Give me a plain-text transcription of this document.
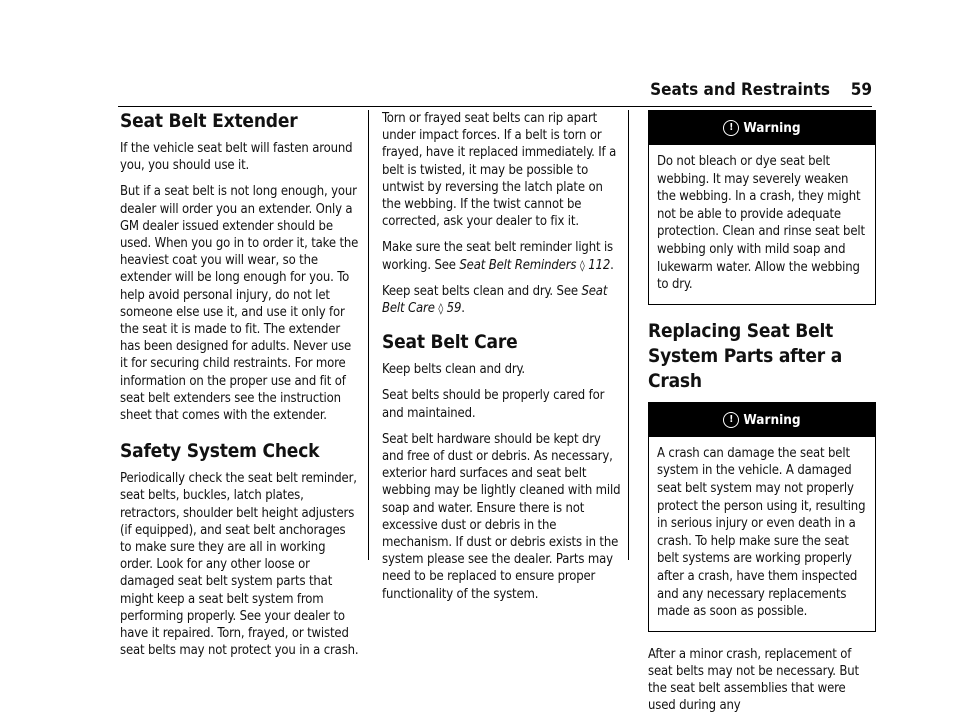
Seats and Restraints 59
Seat Belt Extender

If the vehicle seat belt will fasten around you, you should use it.

But if a seat belt is not long enough, your dealer will order you an extender. Only a GM dealer issued extender should be used. When you go in to order it, take the heaviest coat you will wear, so the extender will be long enough for you. To help avoid personal injury, do not let someone else use it, and use it only for the seat it is made to fit. The extender has been designed for adults. Never use it for securing child restraints. For more information on the proper use and fit of seat belt extenders see the instruction sheet that comes with the extender.

Safety System Check

Periodically check the seat belt reminder, seat belts, buckles, latch plates, retractors, shoulder belt height adjusters (if equipped), and seat belt anchorages to make sure they are all in working order. Look for any other loose or damaged seat belt system parts that might keep a seat belt system from performing properly. See your dealer to have it repaired. Torn, frayed, or twisted seat belts may not protect you in a crash.

Torn or frayed seat belts can rip apart under impact forces. If a belt is torn or frayed, have it replaced immediately. If a belt is twisted, it may be possible to untwist by reversing the latch plate on the webbing. If the twist cannot be corrected, ask your dealer to fix it.

Make sure the seat belt reminder light is working. See Seat Belt Reminders ◊ 112.

Keep seat belts clean and dry. See Seat Belt Care ◊ 59.

Seat Belt Care

Keep belts clean and dry.

Seat belts should be properly cared for and maintained.

Seat belt hardware should be kept dry and free of dust or debris. As necessary, exterior hard surfaces and seat belt webbing may be lightly cleaned with mild soap and water. Ensure there is not excessive dust or debris in the mechanism. If dust or debris exists in the system please see the dealer. Parts may need to be replaced to ensure proper functionality of the system.

! Warning

Do not bleach or dye seat belt webbing. It may severely weaken the webbing. In a crash, they might not be able to provide adequate protection. Clean and rinse seat belt webbing only with mild soap and lukewarm water. Allow the webbing to dry.

Replacing Seat Belt System Parts after a Crash
! Warning

A crash can damage the seat belt system in the vehicle. A damaged seat belt system may not properly protect the person using it, resulting in serious injury or even death in a crash. To help make sure the seat belt systems are working properly after a crash, have them inspected and any necessary replacements made as soon as possible.

After a minor crash, replacement of seat belts may not be necessary. But the seat belt assemblies that were used during any
